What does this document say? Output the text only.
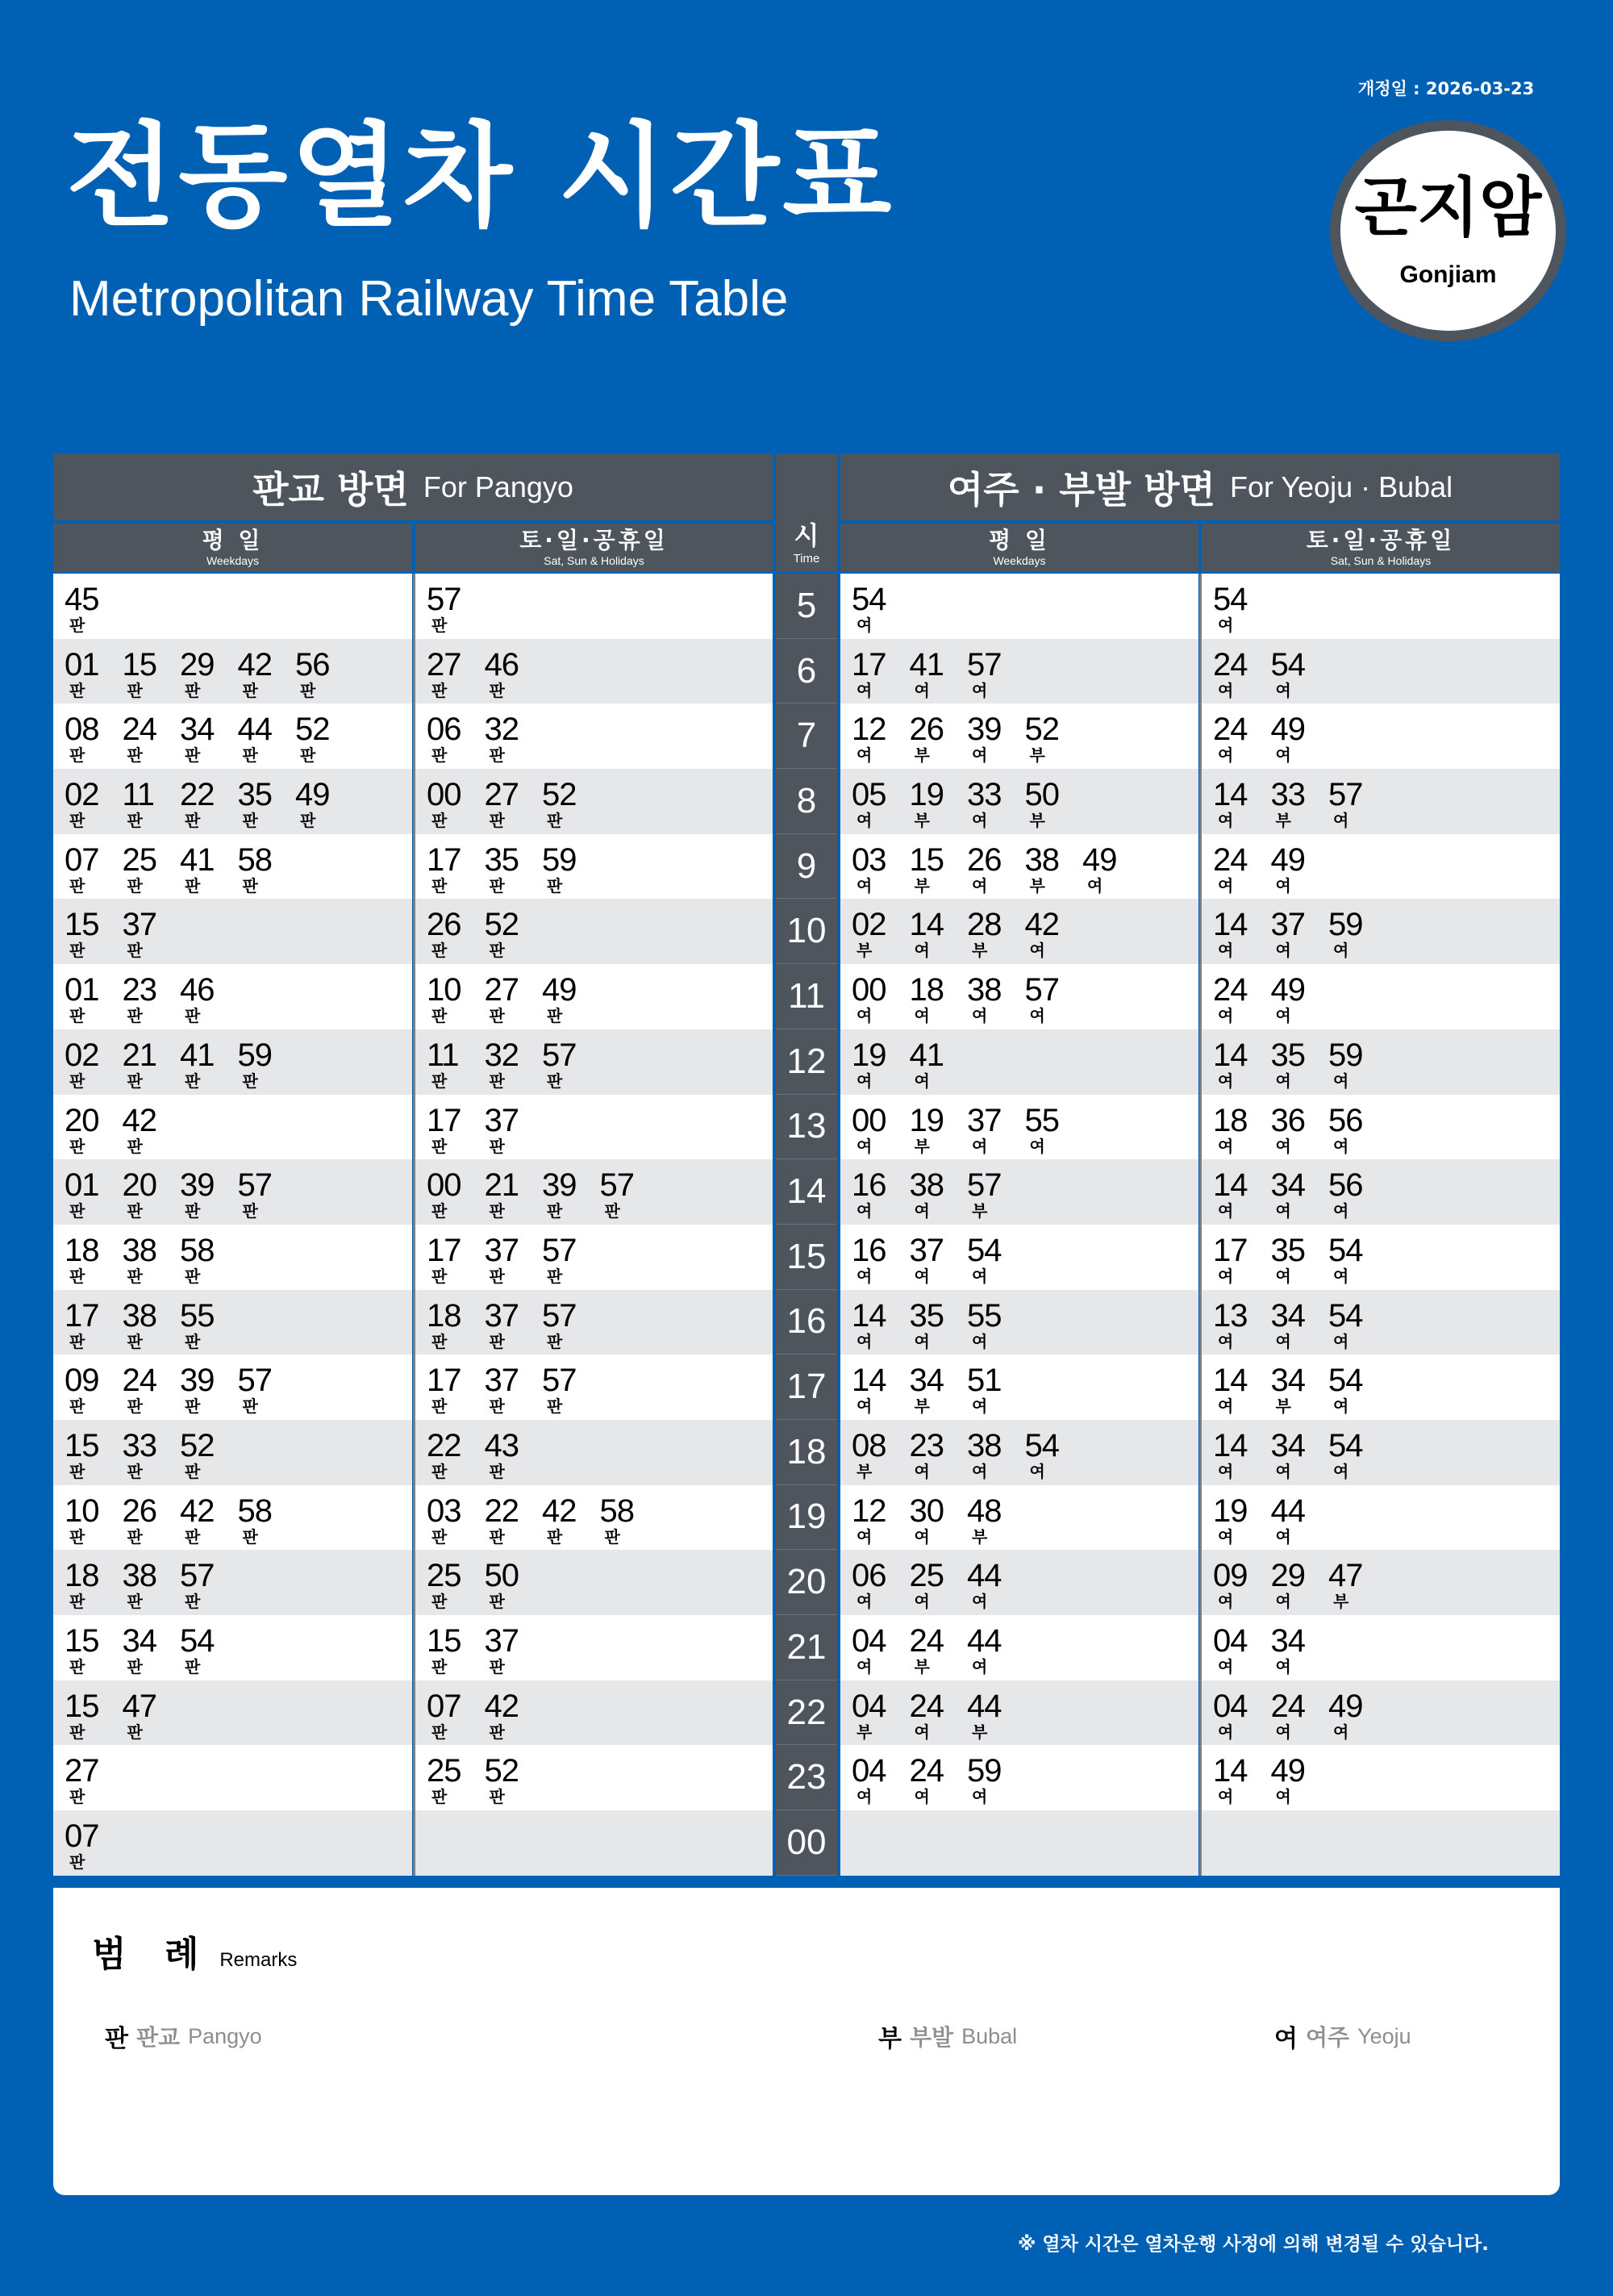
개정일 : 2026-03-23
전동열차 시간표
Metropolitan Railway Time Table
곤지암
Gonjiam
판교 방면 For Pangyo
평 일
Weekdays
토·일·공휴일
Sat, Sun & Holidays
시
Time
여주 · 부발 방면 For Yeoju · Bubal
평 일
Weekdays
토·일·공휴일
Sat, Sun & Holidays
45
판
57
판
54
여
54
여
5
01
판
15
판
29
판
42
판
56
판
27
판
46
판
17
여
41
여
57
여
24
여
54
여
6
08
판
24
판
34
판
44
판
52
판
06
판
32
판
12
여
26
부
39
여
52
부
24
여
49
여
7
02
판
11
판
22
판
35
판
49
판
00
판
27
판
52
판
05
여
19
부
33
여
50
부
14
여
33
부
57
여
8
07
판
25
판
41
판
58
판
17
판
35
판
59
판
03
여
15
부
26
여
38
부
49
여
24
여
49
여
9
15
판
37
판
26
판
52
판
02
부
14
여
28
부
42
여
14
여
37
여
59
여
10
01
판
23
판
46
판
10
판
27
판
49
판
00
여
18
여
38
여
57
여
24
여
49
여
11
02
판
21
판
41
판
59
판
11
판
32
판
57
판
19
여
41
여
14
여
35
여
59
여
12
20
판
42
판
17
판
37
판
00
여
19
부
37
여
55
여
18
여
36
여
56
여
13
01
판
20
판
39
판
57
판
00
판
21
판
39
판
57
판
16
여
38
여
57
부
14
여
34
여
56
여
14
18
판
38
판
58
판
17
판
37
판
57
판
16
여
37
여
54
여
17
여
35
여
54
여
15
17
판
38
판
55
판
18
판
37
판
57
판
14
여
35
여
55
여
13
여
34
여
54
여
16
09
판
24
판
39
판
57
판
17
판
37
판
57
판
14
여
34
부
51
여
14
여
34
부
54
여
17
15
판
33
판
52
판
22
판
43
판
08
부
23
여
38
여
54
여
14
여
34
여
54
여
18
10
판
26
판
42
판
58
판
03
판
22
판
42
판
58
판
12
여
30
여
48
부
19
여
44
여
19
18
판
38
판
57
판
25
판
50
판
06
여
25
여
44
여
09
여
29
여
47
부
20
15
판
34
판
54
판
15
판
37
판
04
여
24
부
44
여
04
여
34
여
21
15
판
47
판
07
판
42
판
04
부
24
여
44
부
04
여
24
여
49
여
22
27
판
25
판
52
판
04
여
24
여
59
여
14
여
49
여
23
07
판
00
범 례 Remarks
판 판교 Pangyo	부 부발 Bubal	여 여주 Yeoju
※ 열차 시간은 열차운행 사정에 의해 변경될 수 있습니다.
